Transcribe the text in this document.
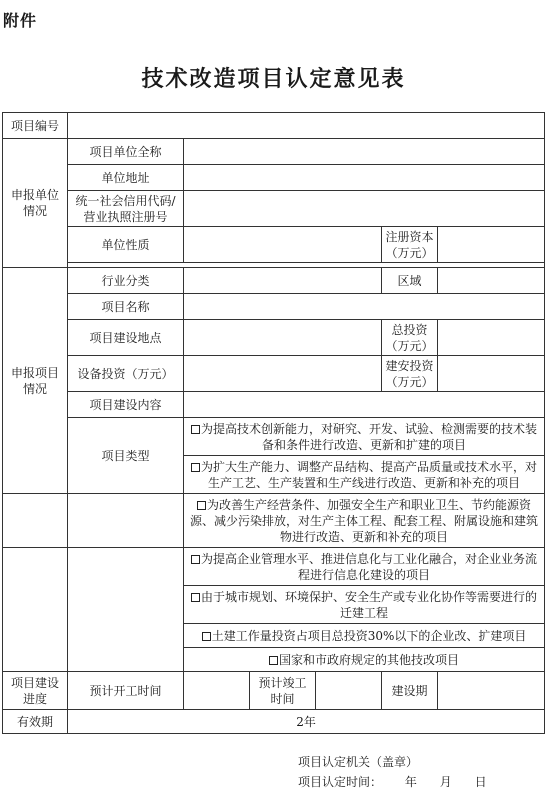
附件
技术改造项目认定意见表
项目编号						
申报单位情况	项目单位全称					
	单位地址					
	统一社会信用代码/营业执照注册号					
	单位性质				注册资本（万元）	

申报项目情况	行业分类				区域	
	项目名称					
	项目建设地点				总投资（万元）	
	设备投资（万元）				建安投资（万元）	
	项目建设内容					
	项目类型	为提高技术创新能力，对研究、开发、试验、检测需要的技术装备和条件进行改造、更新和扩建的项目				
		为扩大生产能力、调整产品结构、提高产品质量或技术水平，对生产工艺、生产装置和生产线进行改造、更新和补充的项目				
		为改善生产经营条件、加强安全生产和职业卫生、节约能源资源、减少污染排放，对生产主体工程、配套工程、附属设施和建筑物进行改造、更新和补充的项目				
		为提高企业管理水平、推进信息化与工业化融合，对企业业务流程进行信息化建设的项目				
		由于城市规划、环境保护、安全生产或专业化协作等需要进行的迁建工程				
		土建工作量投资占项目总投资30%以下的企业改、扩建项目				
		国家和市政府规定的其他技改项目				
项目建设进度	预计开工时间		预计竣工时间		建设期	
有效期	2年					
项目认定机关（盖章）
项目认定时间：      年      月      日
